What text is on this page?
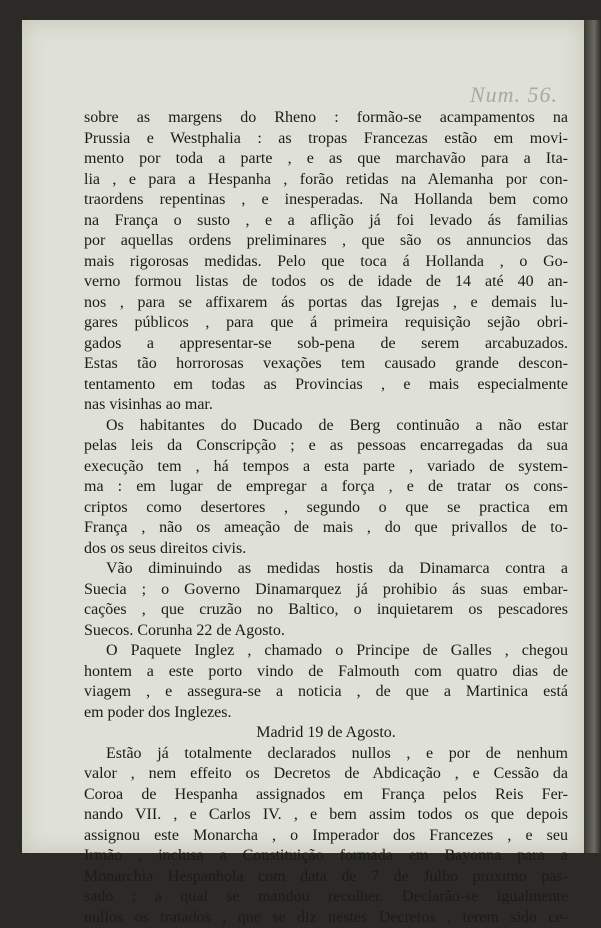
Num. 56.
sobre as margens do Rheno : formão-se acampamentos na
Prussia e Westphalia : as tropas Francezas estão em movi-
mento por toda a parte , e as que marchavão para a Ita-
lia , e para a Hespanha , forão retidas na Alemanha por con-
traordens repentinas , e inesperadas. Na Hollanda bem como
na França o susto , e a aflição já foi levado ás familias
por aquellas ordens preliminares , que são os annuncios das
mais rigorosas medidas. Pelo que toca á Hollanda , o Go-
verno formou listas de todos os de idade de 14 até 40 an-
nos , para se affixarem ás portas das Igrejas , e demais lu-
gares públicos , para que á primeira requisição sejão obri-
gados a appresentar-se sob-pena de serem arcabuzados.
Estas tão horrorosas vexações tem causado grande descon-
tentamento em todas as Provincias , e mais especialmente
nas visinhas ao mar.
Os habitantes do Ducado de Berg continuão a não estar
pelas leis da Conscripção ; e as pessoas encarregadas da sua
execução tem , há tempos a esta parte , variado de system-
ma : em lugar de empregar a força , e de tratar os cons-
criptos como desertores , segundo o que se practica em
França , não os ameação de mais , do que privallos de to-
dos os seus direitos civis.
Vão diminuindo as medidas hostis da Dinamarca contra a
Suecia ; o Governo Dinamarquez já prohibio ás suas embar-
cações , que cruzão no Baltico, o inquietarem os pescadores
Suecos. Corunha 22 de Agosto.
O Paquete Inglez , chamado o Principe de Galles , chegou
hontem a este porto vindo de Falmouth com quatro dias de
viagem , e assegura-se a noticia , de que a Martinica está
em poder dos Inglezes.
Madrid 19 de Agosto.
Estão já totalmente declarados nullos , e por de nenhum
valor , nem effeito os Decretos de Abdicação , e Cessão da
Coroa de Hespanha assignados em França pelos Reis Fer-
nando VII. , e Carlos IV. , e bem assim todos os que depois
assignou este Monarcha , o Imperador dos Francezes , e seu
Irmão , inclusa a Constituição formada em Bayonna para a
Monarchia Hespanhola com data de 7 de Julho proximo pas-
sado ; a qual se mandou recolher. Declarão-se igualmente
nullos os tratados , que se diz nestes Decretos , terem sido ce-
